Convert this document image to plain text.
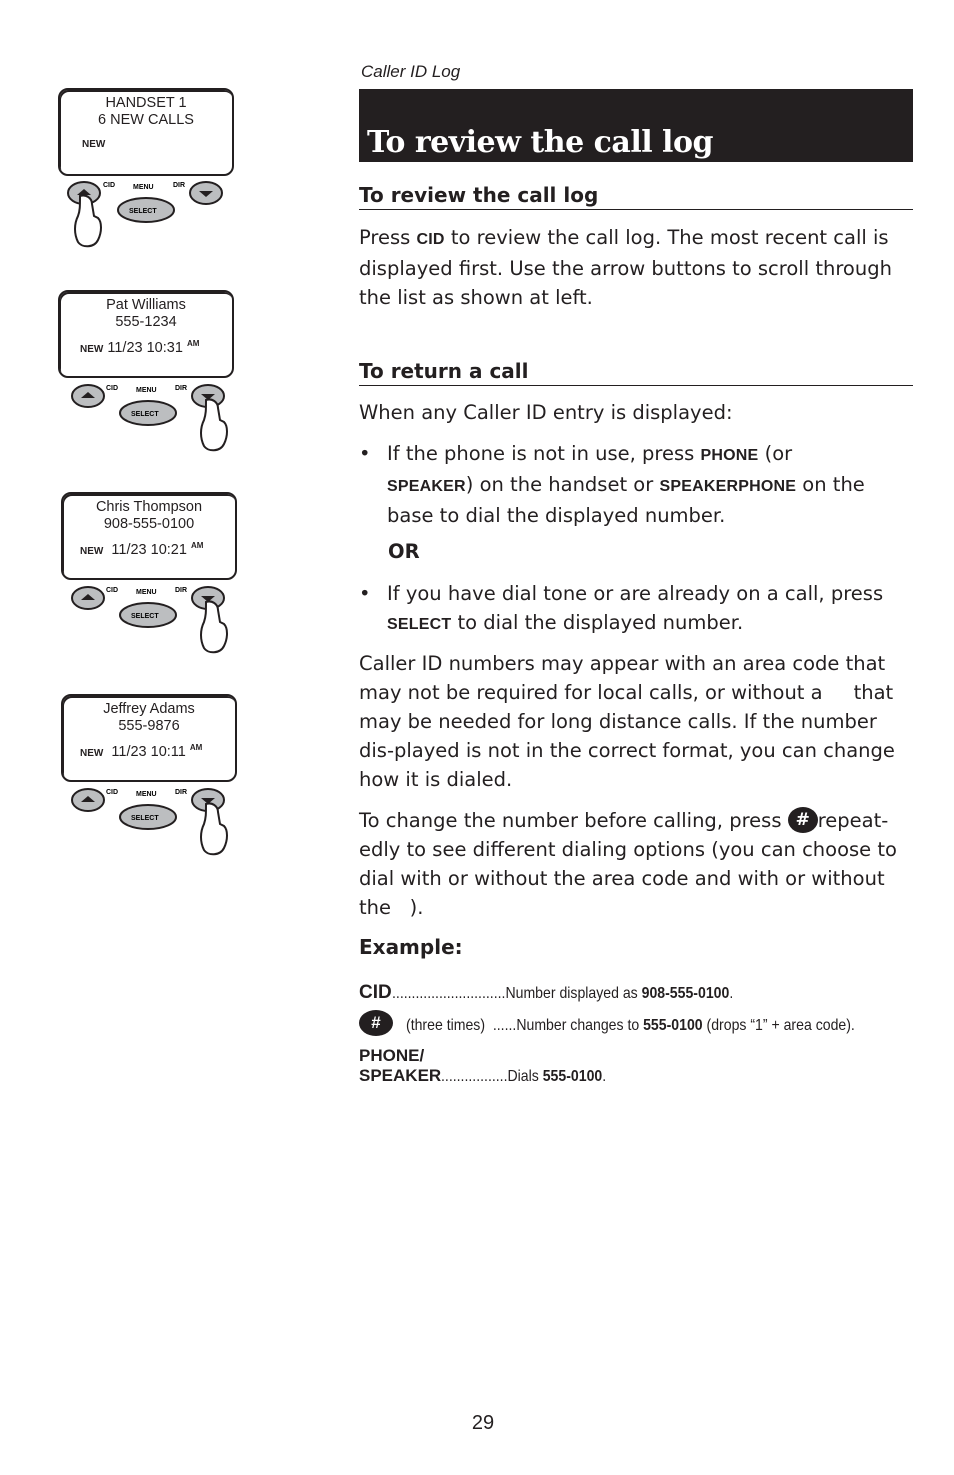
HANDSET 1
6 NEW CALLS
NEW
Pat Williams
555-1234
NEW 11/23 10:31 $^{AM}$
Chris Thompson
908-555-0100
NEW  11/23 10:21 $^{AM}$
Jeffrey Adams
555-9876
NEW  11/23 10:11 $^{AM}$
CID	MENU	DIR
SELECT
CID	MENU	DIR
SELECT
CID	MENU	DIR
SELECT
CID	MENU	DIR
SELECT
Caller ID Log
To review the call log
To review the call log
Press CID to review the call log. The most recent call is displayed first. Use the arrow buttons to scroll through the list as shown at left.
To return a call
When any Caller ID entry is displayed:
• If the phone is not in use, press PHONE (or
SPEAKER) on the handset or SPEAKERPHONE on the base to dial the displayed number.
OR
• If you have dial tone or are already on a call, press
SELECT to dial the displayed number.
Caller ID numbers may appear with an area code that may not be required for local calls, or without a     that may be needed for long distance calls. If the number dis-played is not in the correct format, you can change how it is dialed.
To change the number before calling, press # repeat-edly to see different dialing options (you can choose to dial with or without the area code and with or without the   ).
Example:
CID.............................Number displayed as 908-555-0100.
# (three times)  ......Number changes to 555-0100 (drops “1” + area code).
PHONE/
SPEAKER.................Dials 555-0100.
29
